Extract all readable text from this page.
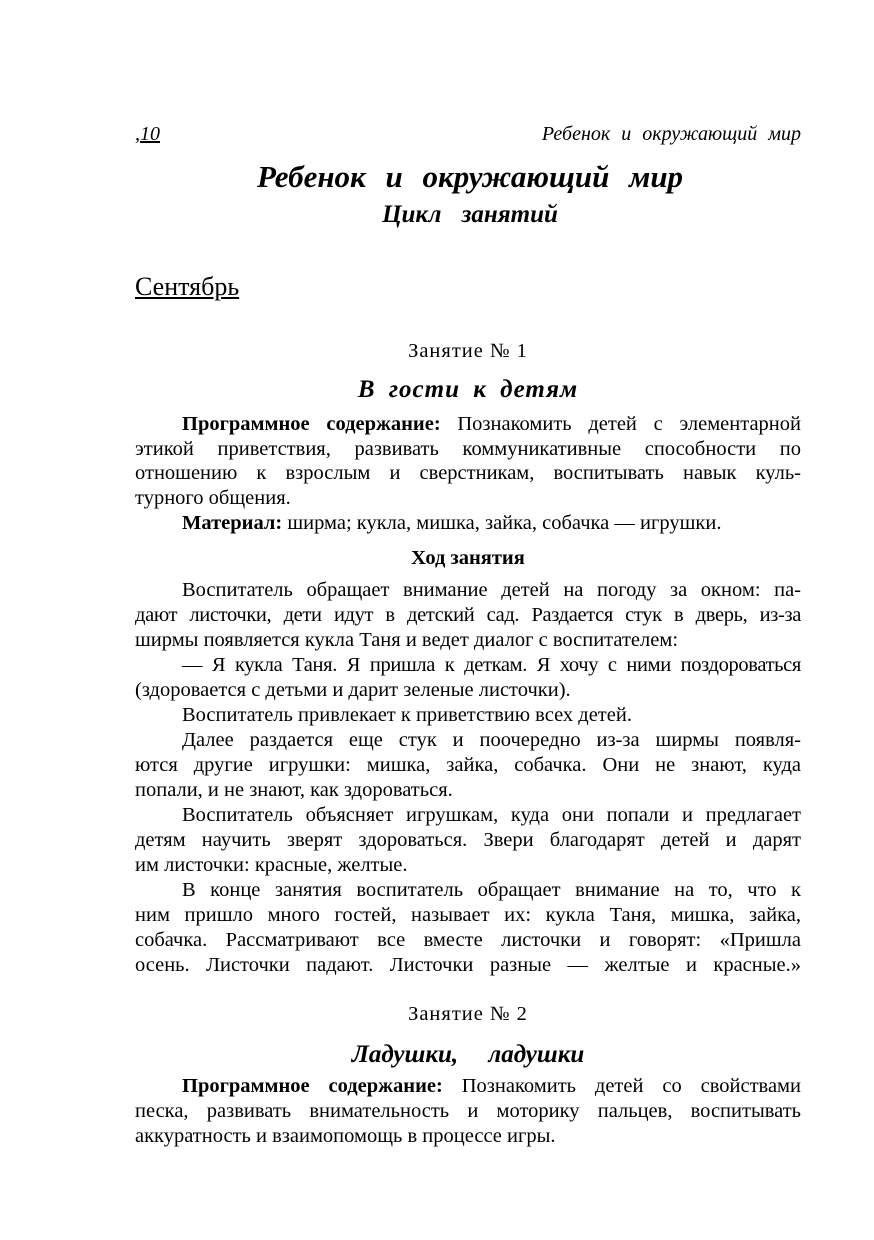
,10	Ребенок и окружающий мир
Ребенок и окружающий мир
Цикл занятий
Сентябрь
Занятие № 1
В гости к детям
Программное содержание: Познакомить детей с элементарной
этикой приветствия, развивать коммуникативные способности по
отношению к взрослым и сверстникам, воспитывать навык куль-
турного общения.
Материал: ширма; кукла, мишка, зайка, собачка — игрушки.
Ход занятия
Воспитатель обращает внимание детей на погоду за окном: па-
дают листочки, дети идут в детский сад. Раздается стук в дверь, из-за
ширмы появляется кукла Таня и ведет диалог с воспитателем:
— Я кукла Таня. Я пришла к деткам. Я хочу с ними поздороваться
(здоровается с детьми и дарит зеленые листочки).
Воспитатель привлекает к приветствию всех детей.
Далее раздается еще стук и поочередно из-за ширмы появля-
ются другие игрушки: мишка, зайка, собачка. Они не знают, куда
попали, и не знают, как здороваться.
Воспитатель объясняет игрушкам, куда они попали и предлагает
детям научить зверят здороваться. Звери благодарят детей и дарят
им листочки: красные, желтые.
В конце занятия воспитатель обращает внимание на то, что к
ним пришло много гостей, называет их: кукла Таня, мишка, зайка,
собачка. Рассматривают все вместе листочки и говорят: «Пришла
осень. Листочки падают. Листочки разные — желтые и красные.»
Занятие № 2
Ладушки, ладушки
Программное содержание: Познакомить детей со свойствами
песка, развивать внимательность и моторику пальцев, воспитывать
аккуратность и взаимопомощь в процессе игры.
